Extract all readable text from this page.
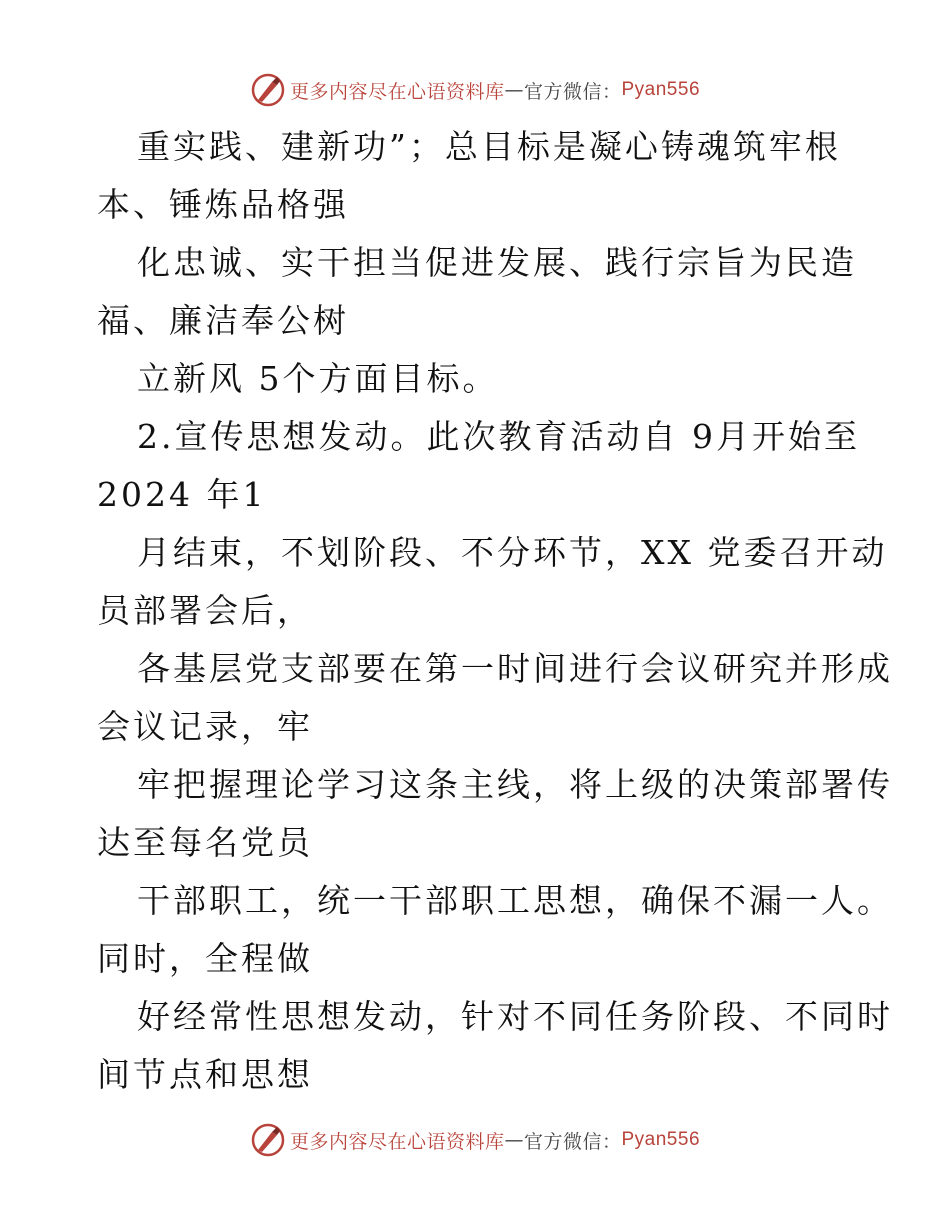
更多内容尽在心语资料库 — 官方微信： Pyan556
重实践、建新功”；总目标是凝心铸魂筑牢根
本、锤炼品格强
化忠诚、实干担当促进发展、践行宗旨为民造
福、廉洁奉公树
立新风 5个方面目标。
2.宣传思想发动。此次教育活动自 9月开始至
2024 年1
月结束，不划阶段、不分环节，XX 党委召开动
员部署会后，
各基层党支部要在第一时间进行会议研究并形成
会议记录，牢
牢把握理论学习这条主线，将上级的决策部署传
达至每名党员
干部职工，统一干部职工思想，确保不漏一人。
同时，全程做
好经常性思想发动，针对不同任务阶段、不同时
间节点和思想
更多内容尽在心语资料库 — 官方微信： Pyan556
